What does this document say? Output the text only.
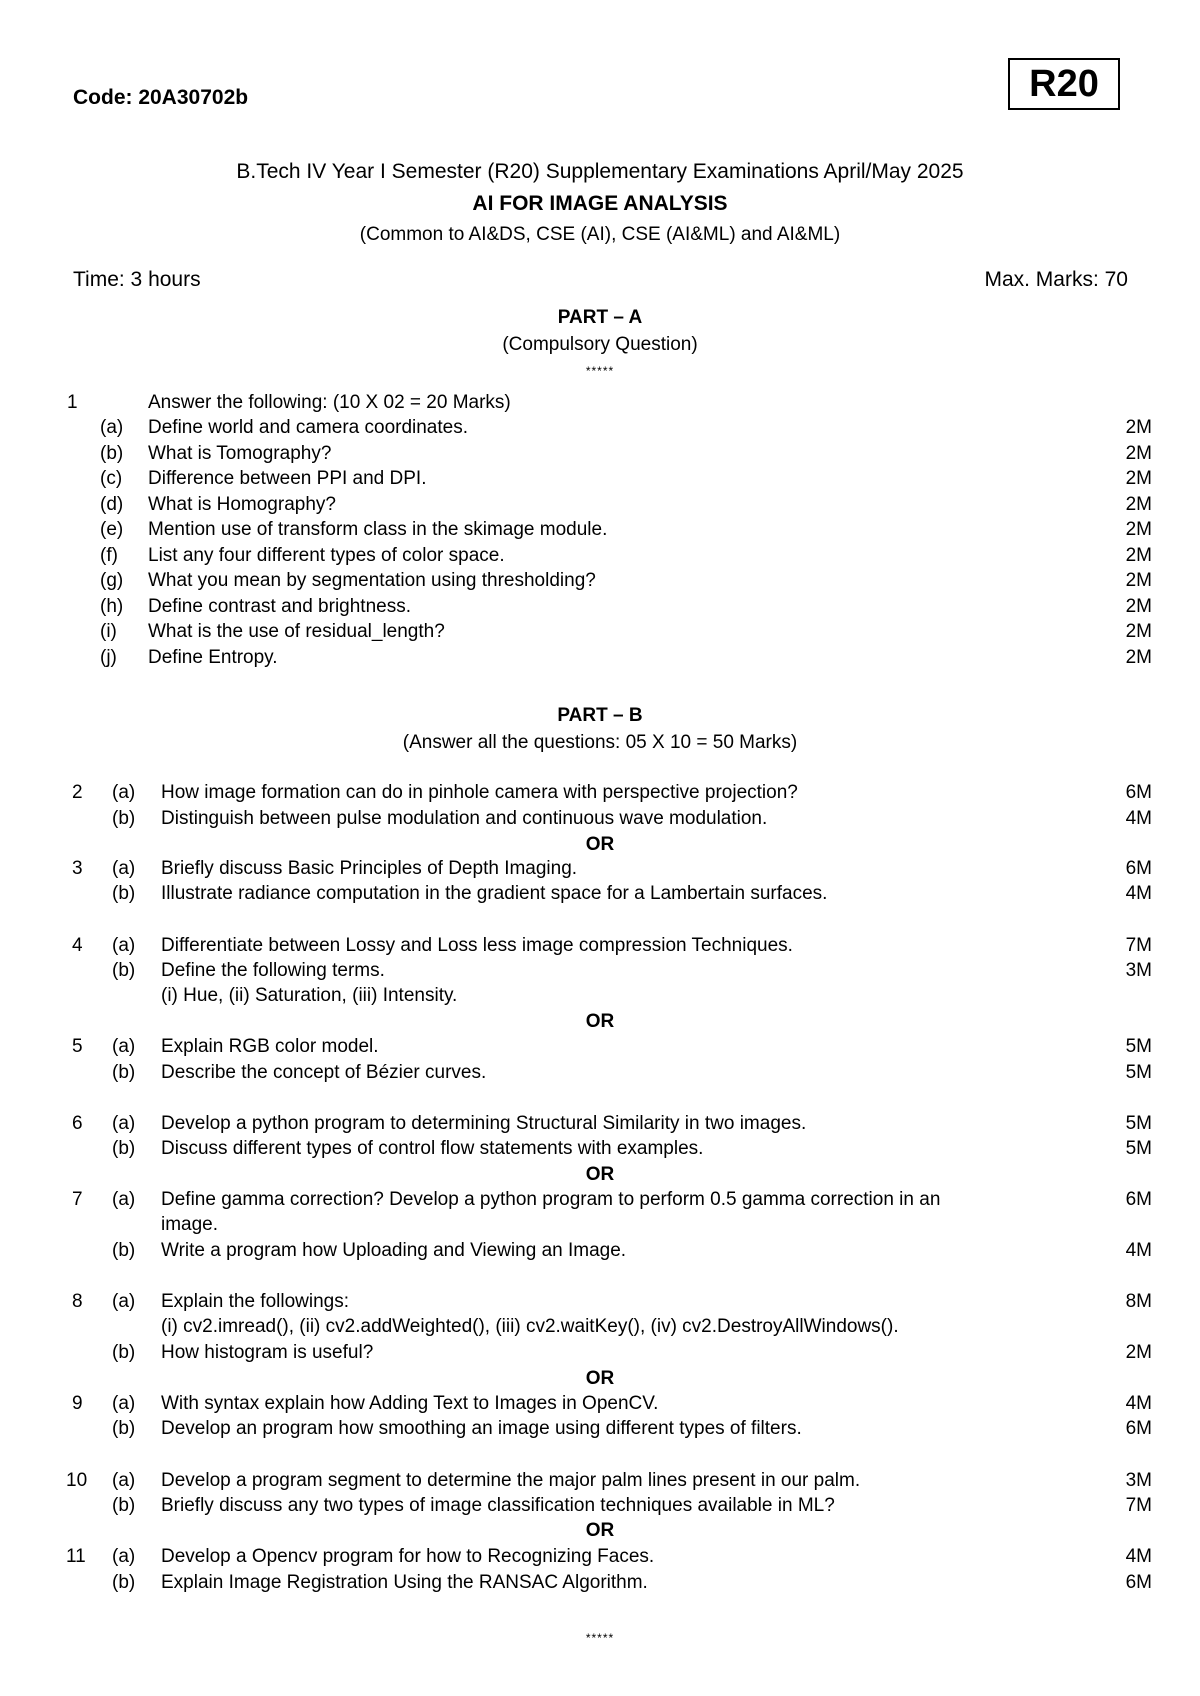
Code: 20A30702b	R20
B.Tech IV Year I Semester (R20) Supplementary Examinations April/May 2025
AI FOR IMAGE ANALYSIS
(Common to AI&DS, CSE (AI), CSE (AI&ML) and AI&ML)
Time: 3 hours	Max. Marks: 70
PART – A
(Compulsory Question)
*****
1	Answer the following: (10 X 02 = 20 Marks)
(a) Define world and camera coordinates.	2M
(b) What is Tomography?	2M
(c) Difference between PPI and DPI.	2M
(d) What is Homography?	2M
(e) Mention use of transform class in the skimage module.	2M
(f) List any four different types of color space.	2M
(g) What you mean by segmentation using thresholding?	2M
(h) Define contrast and brightness.	2M
(i) What is the use of residual_length?	2M
(j) Define Entropy.	2M
PART – B
(Answer all the questions: 05 X 10 = 50 Marks)
2 (a) How image formation can do in pinhole camera with perspective projection?	6M
(b) Distinguish between pulse modulation and continuous wave modulation.	4M
3 (a) Briefly discuss Basic Principles of Depth Imaging.	6M
(b) Illustrate radiance computation in the gradient space for a Lambertain surfaces.	4M
4 (a) Differentiate between Lossy and Loss less image compression Techniques.	7M
(b) Define the following terms.	3M
(i) Hue, (ii) Saturation, (iii) Intensity.
5 (a) Explain RGB color model.	5M
(b) Describe the concept of Bézier curves.	5M
6 (a) Develop a python program to determining Structural Similarity in two images.	5M
(b) Discuss different types of control flow statements with examples.	5M
7 (a) Define gamma correction? Develop a python program to perform 0.5 gamma correction in an	6M
image.
(b) Write a program how Uploading and Viewing an Image.	4M
8 (a) Explain the followings:	8M
(i) cv2.imread(), (ii) cv2.addWeighted(), (iii) cv2.waitKey(), (iv) cv2.DestroyAllWindows().
(b) How histogram is useful?	2M
9 (a) With syntax explain how Adding Text to Images in OpenCV.	4M
(b) Develop an program how smoothing an image using different types of filters.	6M
10 (a) Develop a program segment to determine the major palm lines present in our palm.	3M
(b) Briefly discuss any two types of image classification techniques available in ML?	7M
11 (a) Develop a Opencv program for how to Recognizing Faces.	4M
(b) Explain Image Registration Using the RANSAC Algorithm.	6M
OR
OR
OR
OR
OR
*****
